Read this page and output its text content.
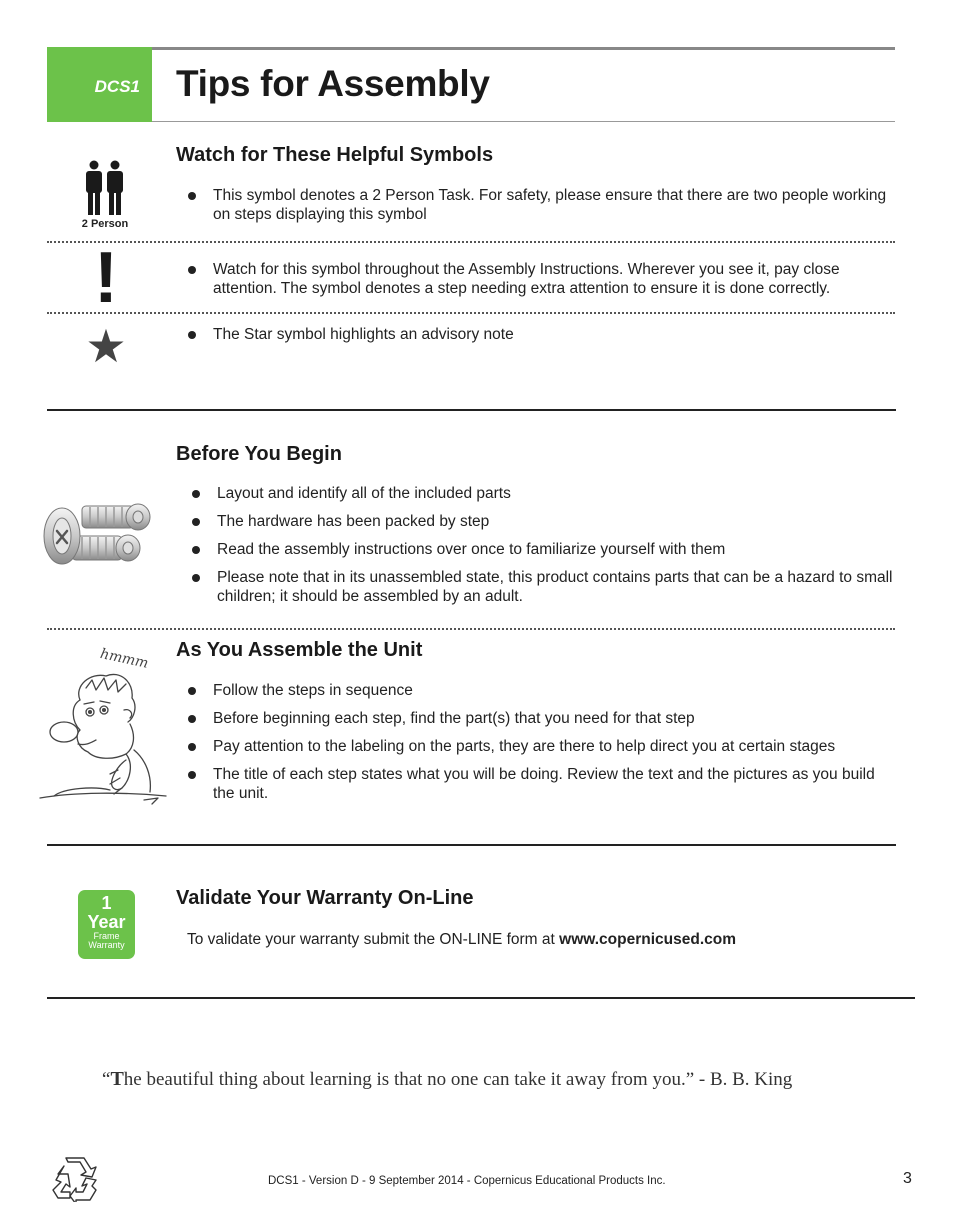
DCS1 Tips for Assembly
Watch for These Helpful Symbols
2 Person
This symbol denotes a 2 Person Task. For safety, please ensure that there are two people working on steps displaying this symbol
!	Watch for this symbol throughout the Assembly Instructions. Wherever you see it, pay close attention. The symbol denotes a step needing extra attention to ensure it is done correctly.
★	The Star symbol highlights an advisory note
Before You Begin
Layout and identify all of the included parts
The hardware has been packed by step
Read the assembly instructions over once to familiarize yourself with them
Please note that in its unassembled state, this product contains parts that can be a hazard to small children; it should be assembled by an adult.
As You Assemble the Unit
hmmm
Follow the steps in sequence
Before beginning each step, find the part(s) that you need for that step
Pay attention to the labeling on the parts, they are there to help direct you at certain stages
The title of each step states what you will be doing. Review the text and the pictures as you build the unit.
1
Year
Frame
Warranty
Validate Your Warranty On-Line
To validate your warranty submit the ON-LINE form at www.copernicused.com
“The beautiful thing about learning is that no one can take it away from you.” - B. B. King
DCS1 - Version D - 9 September 2014 - Copernicus Educational Products Inc.	3
